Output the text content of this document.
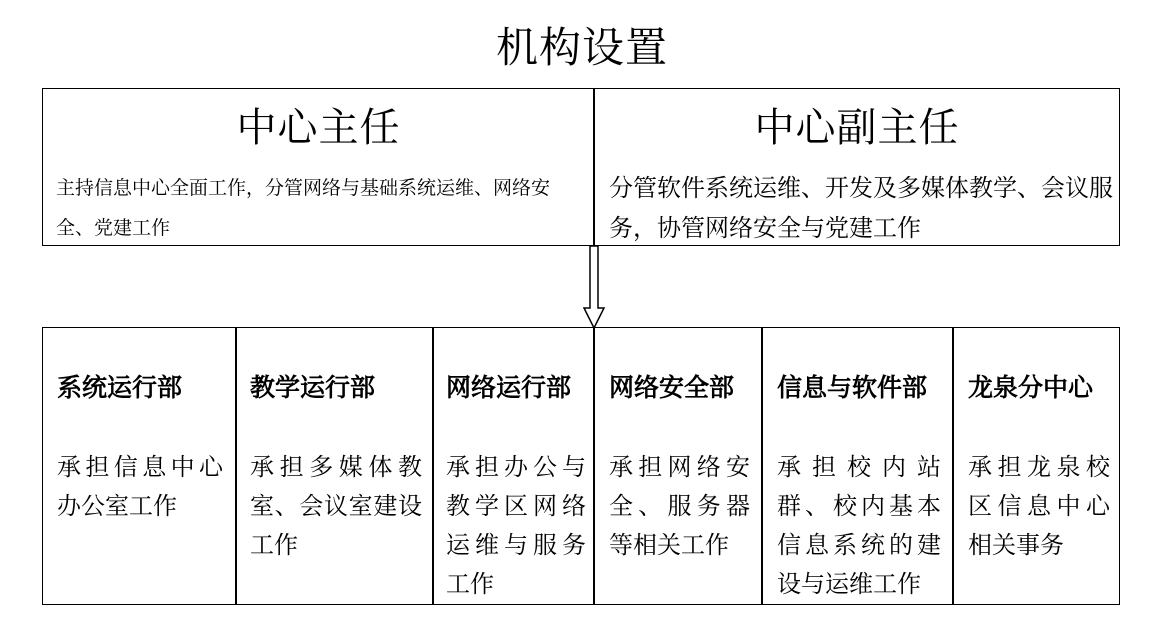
机构设置
中心主任
主持信息中心全面工作，分管网络与基础系统运维、网络安全、党建工作
中心副主任
分管软件系统运维、开发及多媒体教学、会议服务，协管网络安全与党建工作
系统运行部
承担信息中心办公室工作
教学运行部
承担多媒体教室、会议室建设工作
网络运行部
承担办公与教学区网络运维与服务工作
网络安全部
承担网络安全、服务器等相关工作
信息与软件部
承担校内站群、校内基本信息系统的建设与运维工作
龙泉分中心
承担龙泉校区信息中心相关事务
